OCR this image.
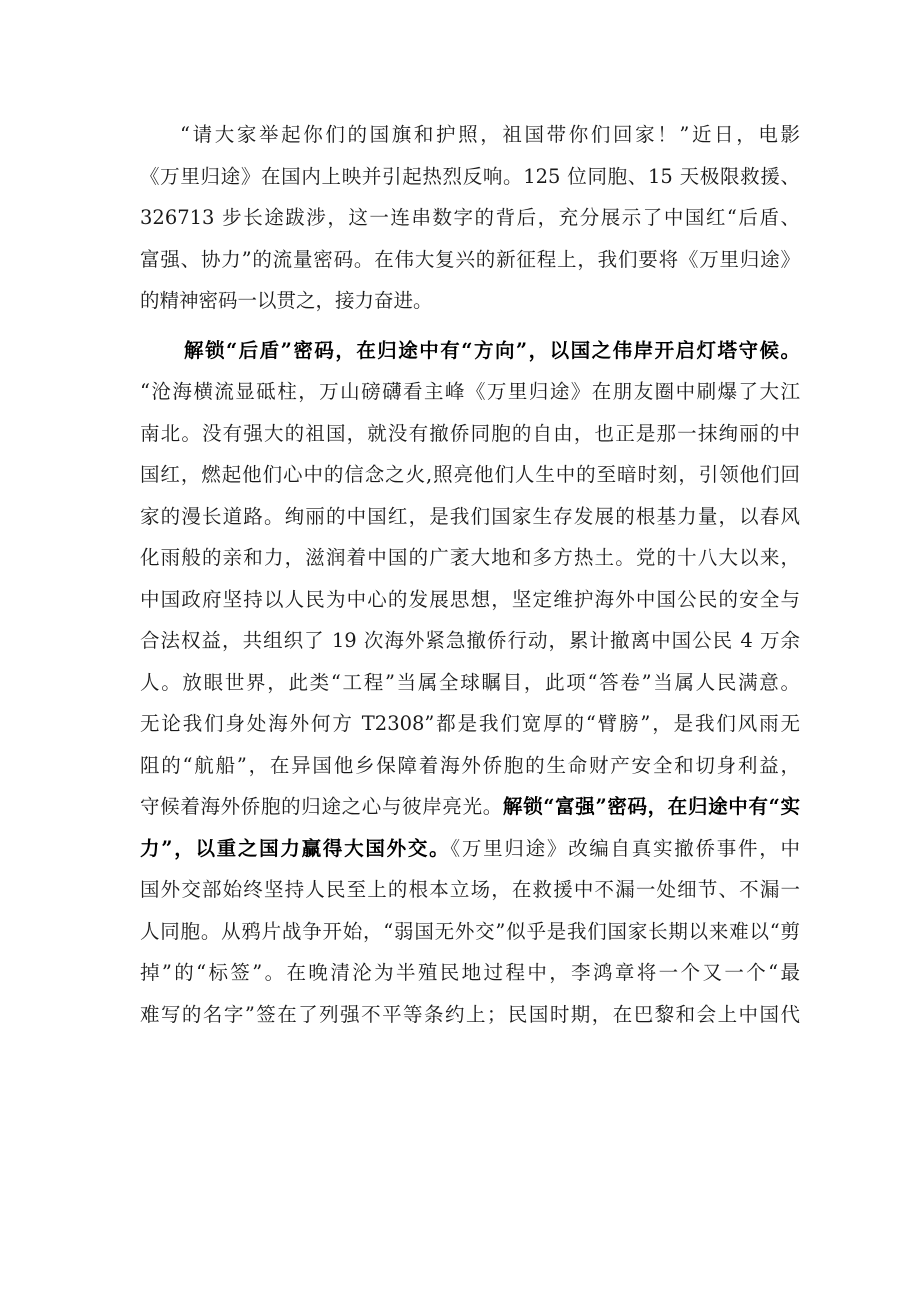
“请大家举起你们的国旗和护照，祖国带你们回家！”近日，电影

《万里归途》在国内上映并引起热烈反响。125 位同胞、15 天极限救援、

326713 步长途跋涉，这一连串数字的背后，充分展示了中国红“后盾、

富强、协力”的流量密码。在伟大复兴的新征程上，我们要将《万里归途》

的精神密码一以贯之，接力奋进。

解锁“后盾”密码，在归途中有“方向”，以国之伟岸开启灯塔守候。

“沧海横流显砥柱，万山磅礴看主峰《万里归途》在朋友圈中刷爆了大江

南北。没有强大的祖国，就没有撤侨同胞的自由，也正是那一抹绚丽的中

国红，燃起他们心中的信念之火,照亮他们人生中的至暗时刻，引领他们回

家的漫长道路。绚丽的中国红，是我们国家生存发展的根基力量，以春风

化雨般的亲和力，滋润着中国的广袤大地和多方热土。党的十八大以来，

中国政府坚持以人民为中心的发展思想，坚定维护海外中国公民的安全与

合法权益，共组织了 19 次海外紧急撤侨行动，累计撤离中国公民 4 万余

人。放眼世界，此类“工程”当属全球瞩目，此项“答卷”当属人民满意。

无论我们身处海外何方 T2308”都是我们宽厚的“臂膀”，是我们风雨无

阻的“航船”，在异国他乡保障着海外侨胞的生命财产安全和切身利益，

守候着海外侨胞的归途之心与彼岸亮光。解锁“富强”密码，在归途中有“实

力”，以重之国力赢得大国外交。《万里归途》改编自真实撤侨事件，中

国外交部始终坚持人民至上的根本立场，在救援中不漏一处细节、不漏一

人同胞。从鸦片战争开始，“弱国无外交”似乎是我们国家长期以来难以“剪

掉”的“标签”。在晚清沦为半殖民地过程中，李鸿章将一个又一个“最

难写的名字”签在了列强不平等条约上；民国时期，在巴黎和会上中国代
